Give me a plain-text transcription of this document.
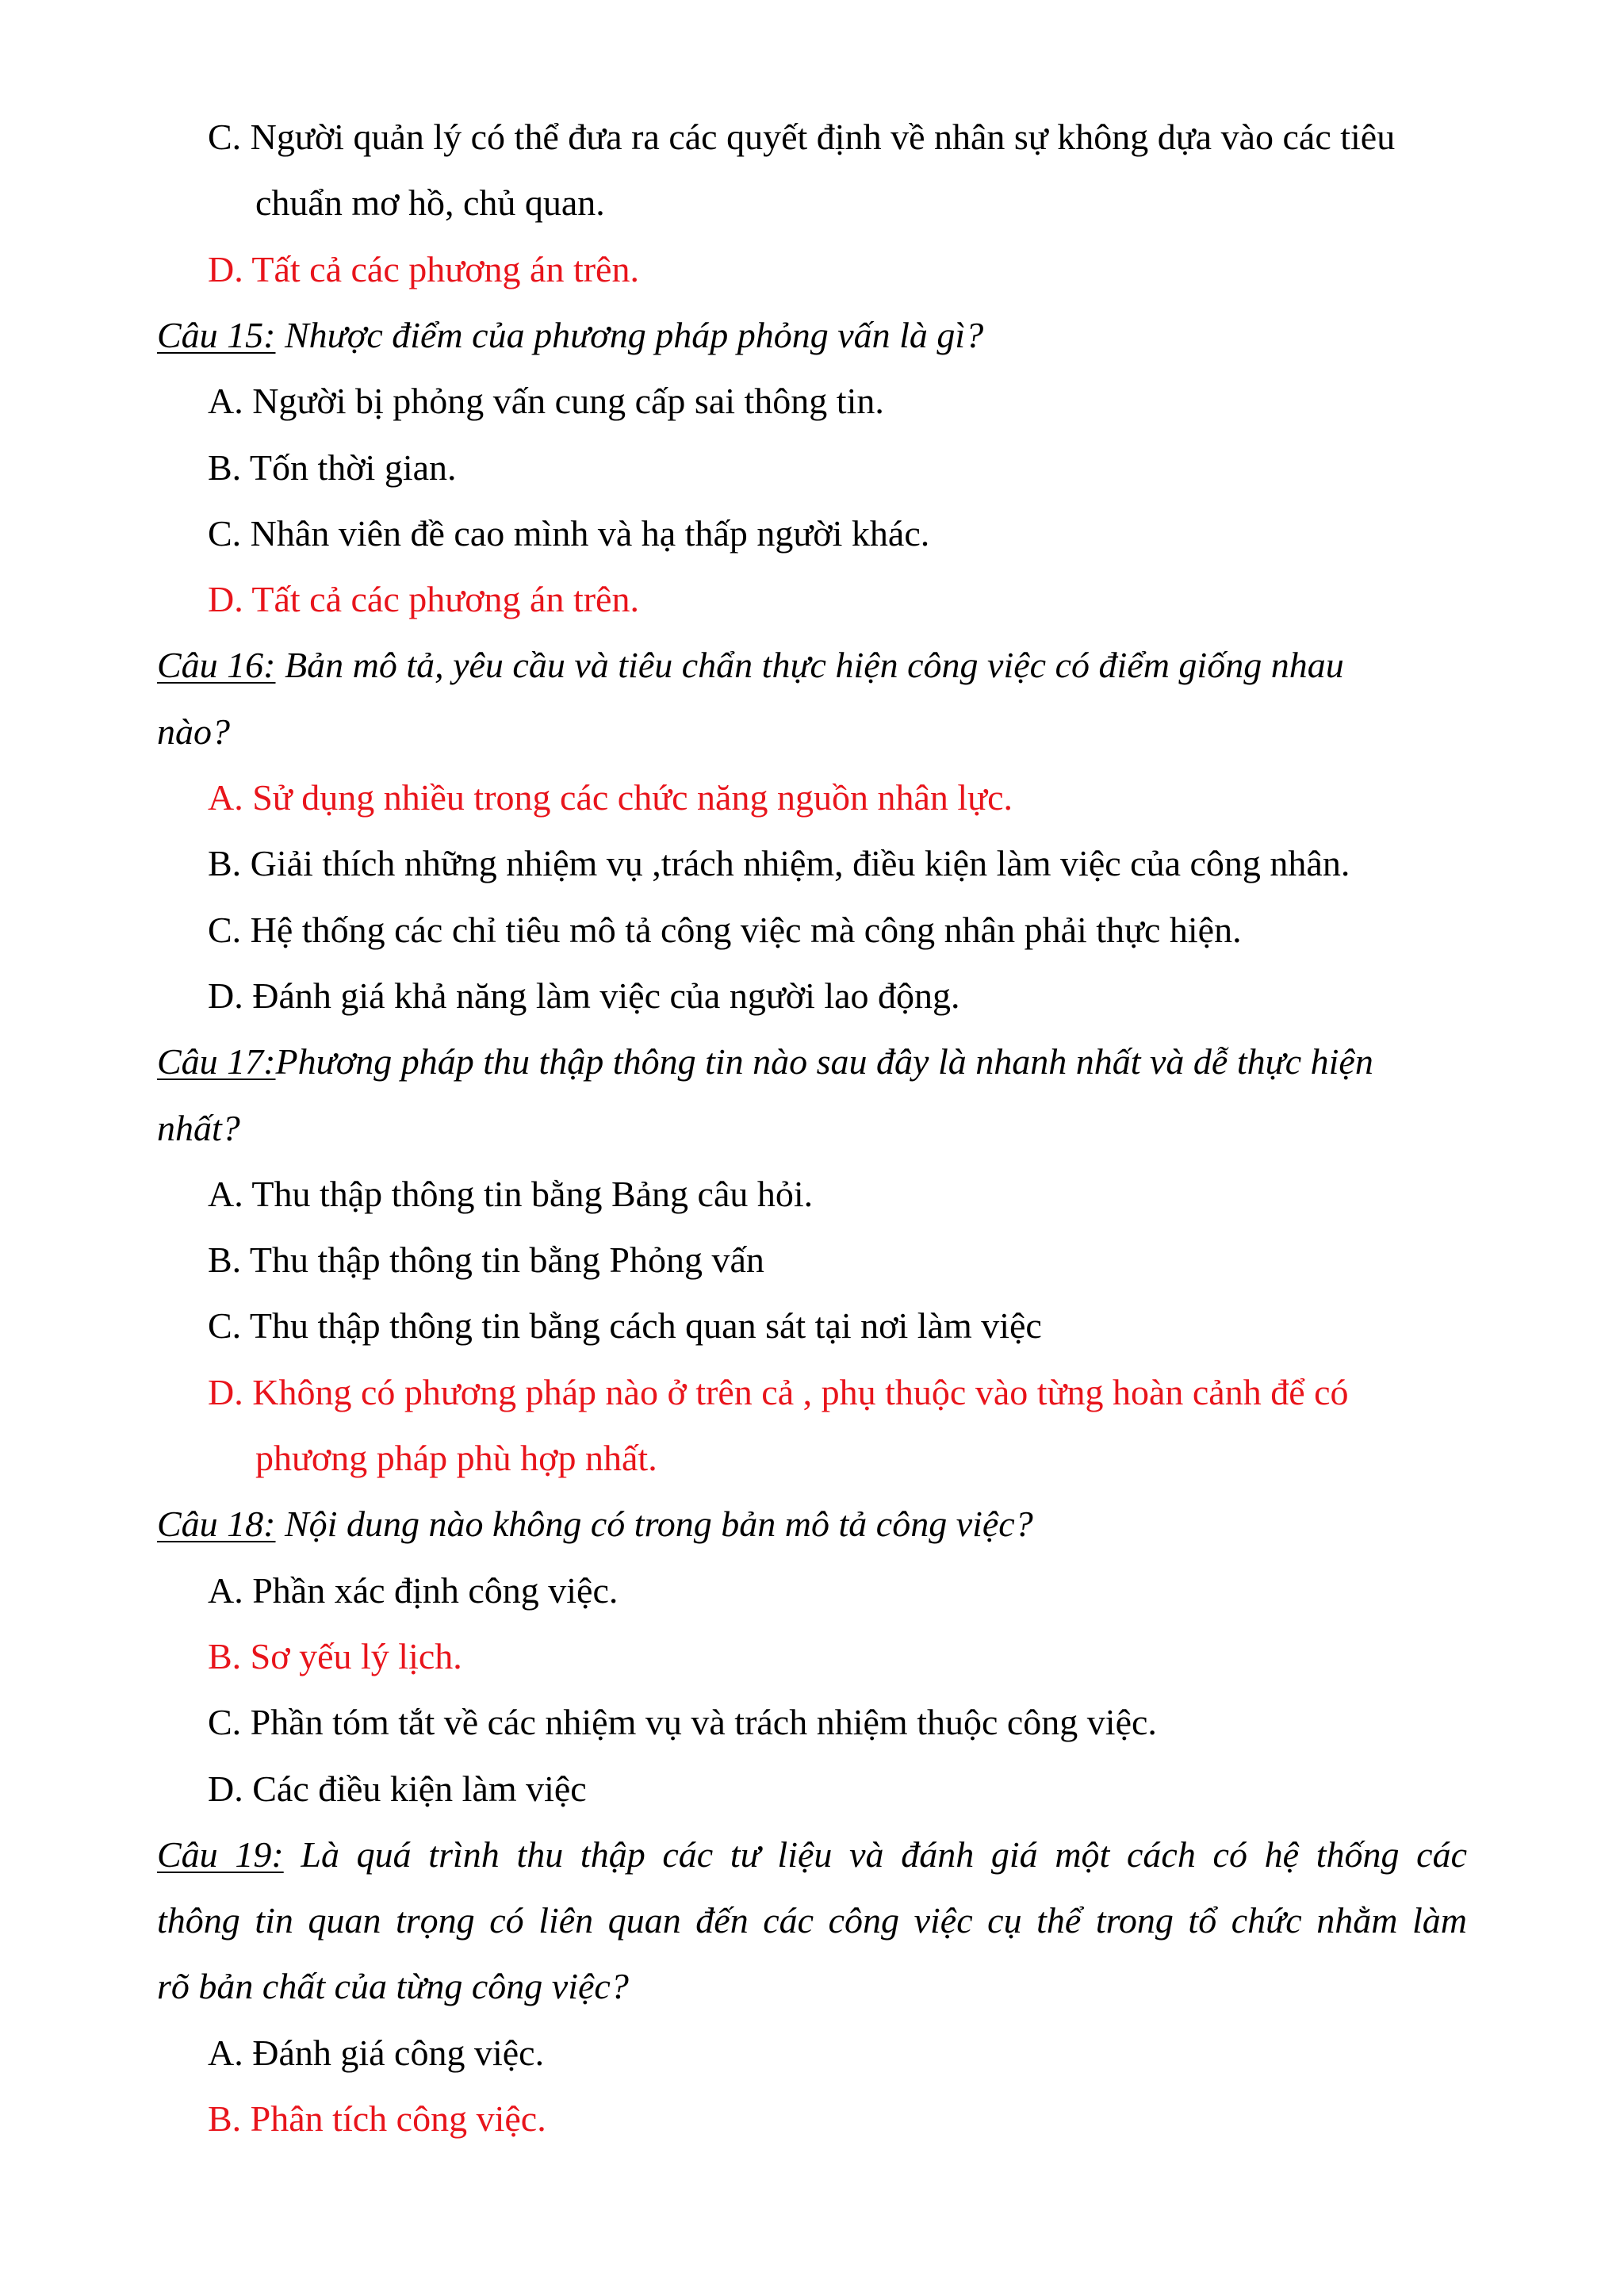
C. Người quản lý có thể đưa ra các quyết định về nhân sự không dựa vào các tiêu
chuẩn mơ hồ, chủ quan.
D. Tất cả các phương án trên.
Câu 15: Nhược điểm của phương pháp phỏng vấn là gì?
A. Người bị phỏng vấn cung cấp sai thông tin.
B. Tốn thời gian.
C. Nhân viên đề cao mình và hạ thấp người khác.
D. Tất cả các phương án trên.
Câu 16: Bản mô tả, yêu cầu và tiêu chẩn thực hiện công việc có điểm giống nhau
nào?
A. Sử dụng nhiều trong các chức năng nguồn nhân lực.
B. Giải thích những nhiệm vụ ,trách nhiệm, điều kiện làm việc của công nhân.
C. Hệ thống các chỉ tiêu mô tả công việc mà công nhân phải thực hiện.
D. Đánh giá khả năng làm việc của người lao động.
Câu 17:Phương pháp thu thập thông tin nào sau đây là nhanh nhất và dễ thực hiện
nhất?
A. Thu thập thông tin bằng Bảng câu hỏi.
B. Thu thập thông tin bằng Phỏng vấn
C. Thu thập thông tin bằng cách quan sát tại nơi làm việc
D. Không có phương pháp nào ở trên cả , phụ thuộc vào từng hoàn cảnh để có
phương pháp phù hợp nhất.
Câu 18: Nội dung nào không có trong bản mô tả công việc?
A. Phần xác định công việc.
B. Sơ yếu lý lịch.
C. Phần tóm tắt về các nhiệm vụ và trách nhiệm thuộc công việc.
D. Các điều kiện làm việc
Câu 19: Là quá trình thu thập các tư liệu và đánh giá một cách có hệ thống các
thông tin quan trọng có liên quan đến các công việc cụ thể trong tổ chức nhằm làm
rõ bản chất của từng công việc?
A. Đánh giá công việc.
B. Phân tích công việc.
